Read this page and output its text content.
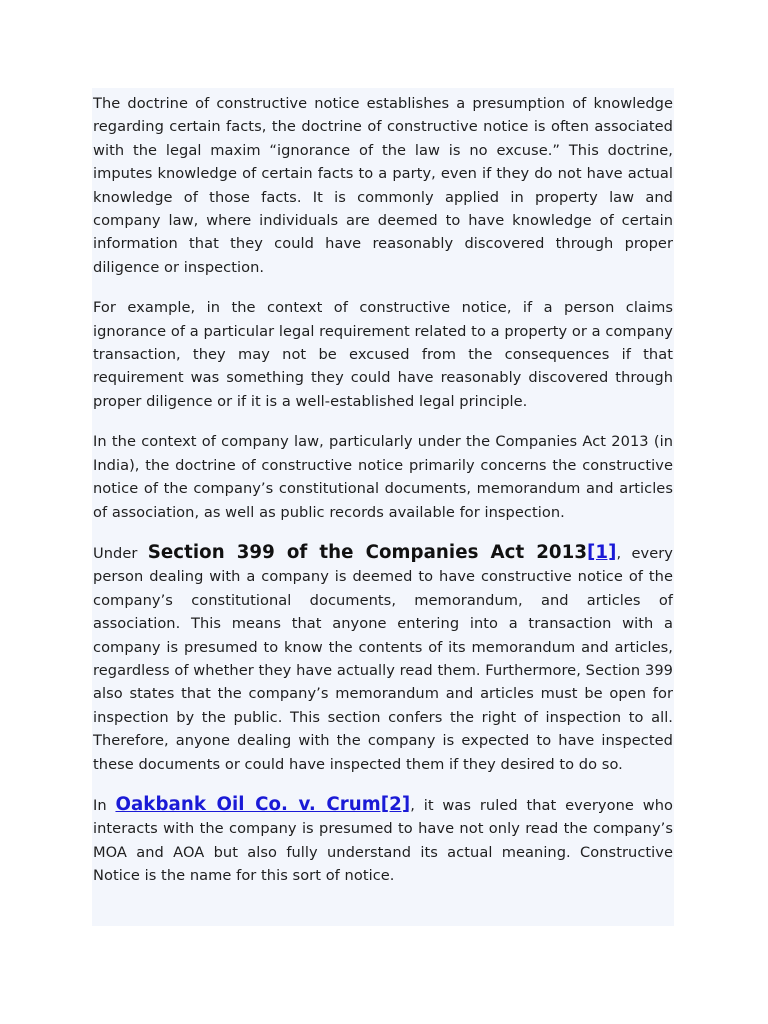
The doctrine of constructive notice establishes a presumption of knowledge regarding certain facts, the doctrine of constructive notice is often associated with the legal maxim “ignorance of the law is no excuse.” This doctrine, imputes knowledge of certain facts to a party, even if they do not have actual knowledge of those facts. It is commonly applied in property law and company law, where individuals are deemed to have knowledge of certain information that they could have reasonably discovered through proper diligence or inspection.

For example, in the context of constructive notice, if a person claims ignorance of a particular legal requirement related to a property or a company transaction, they may not be excused from the consequences if that requirement was something they could have reasonably discovered through proper diligence or if it is a well-established legal principle.

In the context of company law, particularly under the Companies Act 2013 (in India), the doctrine of constructive notice primarily concerns the constructive notice of the company’s constitutional documents, memorandum and articles of association, as well as public records available for inspection.

Under Section 399 of the Companies Act 2013[1], every person dealing with a company is deemed to have constructive notice of the company’s constitutional documents, memorandum, and articles of association. This means that anyone entering into a transaction with a company is presumed to know the contents of its memorandum and articles, regardless of whether they have actually read them. Furthermore, Section 399 also states that the company’s memorandum and articles must be open for inspection by the public. This section confers the right of inspection to all. Therefore, anyone dealing with the company is expected to have inspected these documents or could have inspected them if they desired to do so.

In Oakbank Oil Co. v. Crum[2], it was ruled that everyone who interacts with the company is presumed to have not only read the company’s MOA and AOA but also fully understand its actual meaning. Constructive Notice is the name for this sort of notice.
